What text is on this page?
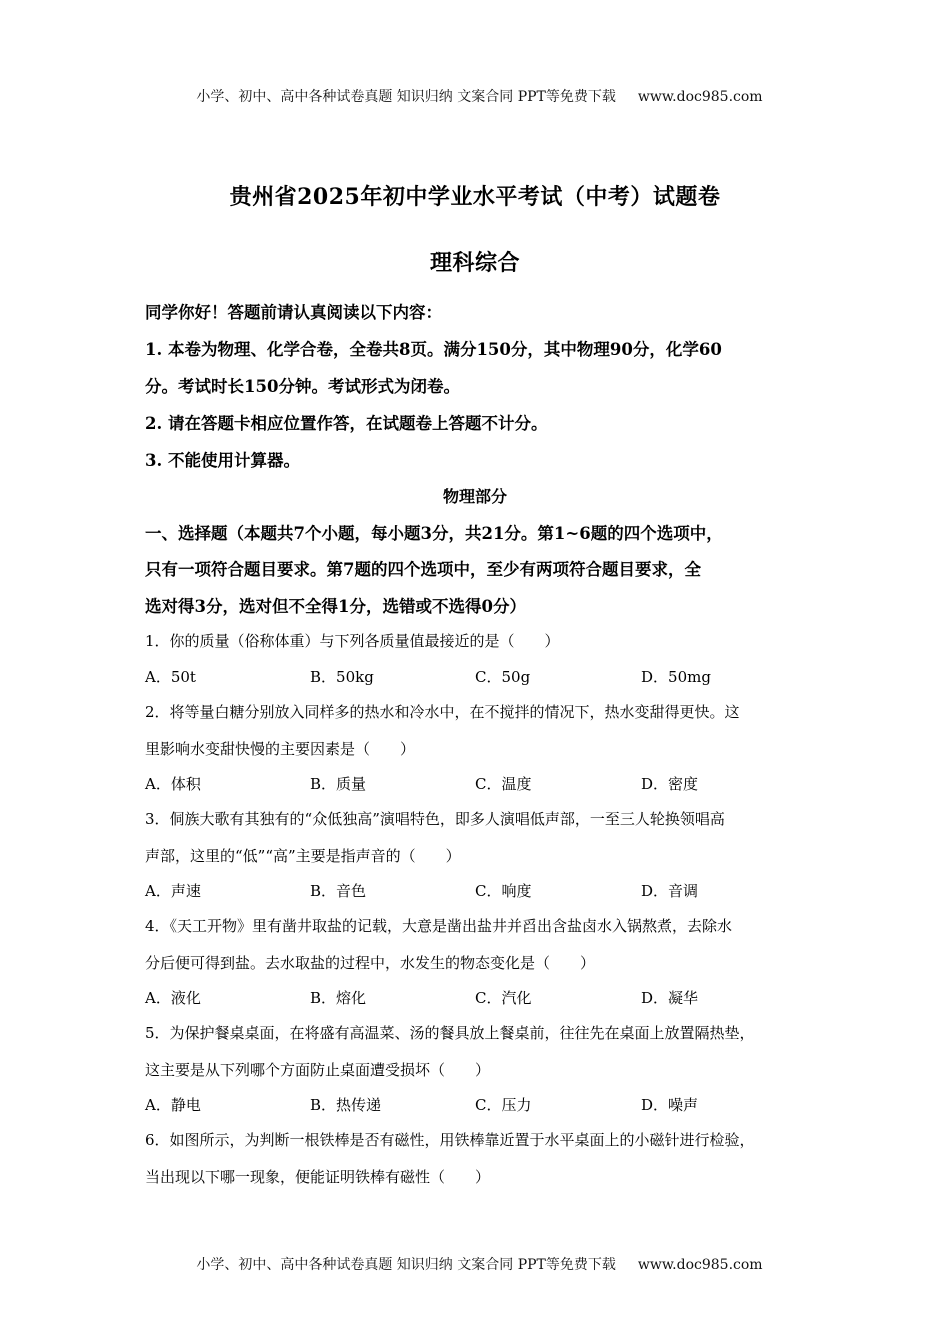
小学、初中、高中各种试卷真题 知识归纳 文案合同 PPT等免费下载 www.doc985.com

贵州省2025年初中学业水平考试（中考）试题卷
理科综合
同学你好！答题前请认真阅读以下内容：
1. 本卷为物理、化学合卷，全卷共8页。满分150分，其中物理90分，化学60
分。考试时长150分钟。考试形式为闭卷。
2. 请在答题卡相应位置作答，在试题卷上答题不计分。
3. 不能使用计算器。
物理部分
一、选择题（本题共7个小题，每小题3分，共21分。第1~6题的四个选项中，
只有一项符合题目要求。第7题的四个选项中，至少有两项符合题目要求，全
选对得3分，选对但不全得1分，选错或不选得0分）
1．你的质量（俗称体重）与下列各质量值最接近的是（　　）
A．50t	B．50kg	C．50g	D．50mg
2．将等量白糖分别放入同样多的热水和冷水中，在不搅拌的情况下，热水变甜得更快。这
里影响水变甜快慢的主要因素是（　　）
A．体积	B．质量	C．温度	D．密度
3．侗族大歌有其独有的“众低独高”演唱特色，即多人演唱低声部，一至三人轮换领唱高
声部，这里的“低”“高”主要是指声音的（　　）
A．声速	B．音色	C．响度	D．音调
4．《天工开物》里有凿井取盐的记载，大意是凿出盐井并舀出含盐卤水入锅熬煮，去除水
分后便可得到盐。去水取盐的过程中，水发生的物态变化是（　　）
A．液化	B．熔化	C．汽化	D．凝华
5．为保护餐桌桌面，在将盛有高温菜、汤的餐具放上餐桌前，往往先在桌面上放置隔热垫，
这主要是从下列哪个方面防止桌面遭受损坏（　　）
A．静电	B．热传递	C．压力	D．噪声
6．如图所示，为判断一根铁棒是否有磁性，用铁棒靠近置于水平桌面上的小磁针进行检验，
当出现以下哪一现象，便能证明铁棒有磁性（　　）

小学、初中、高中各种试卷真题 知识归纳 文案合同 PPT等免费下载 www.doc985.com
